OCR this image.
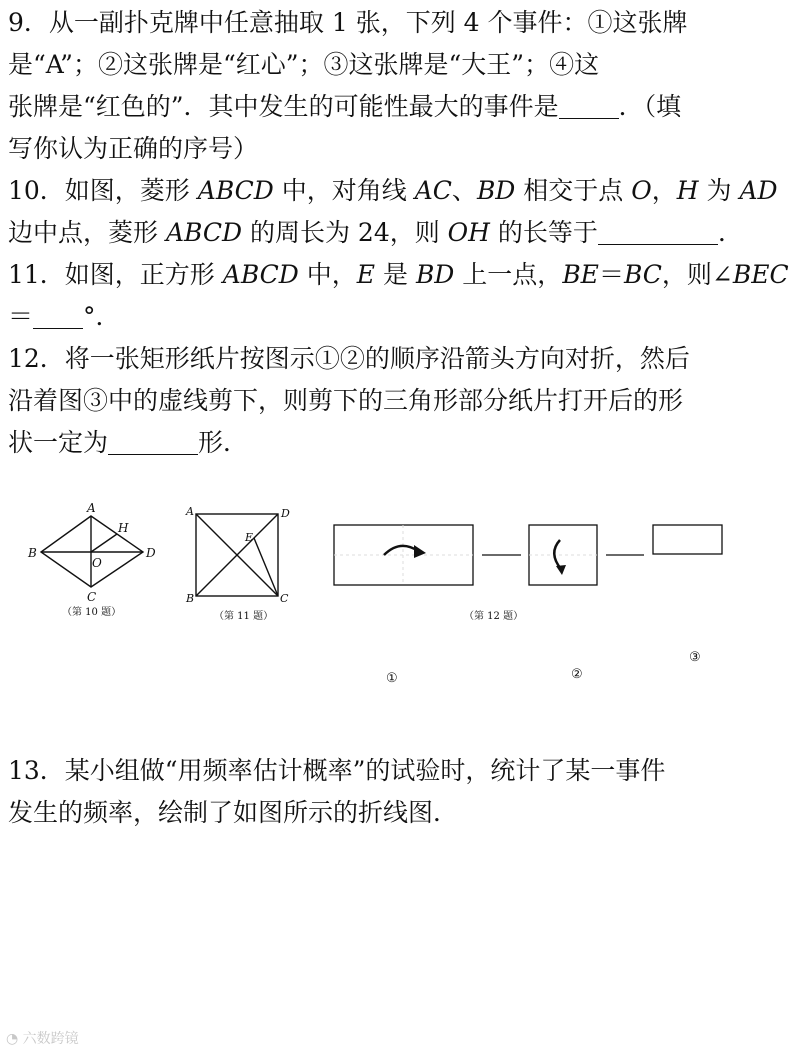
9．从一副扑克牌中任意抽取 1 张，下列 4 个事件：①这张牌

是“A”；②这张牌是“红心”；③这张牌是“大王”；④这

张牌是“红色的”．其中发生的可能性最大的事件是 ．（填

写你认为正确的序号）

10．如图，菱形 ABCD 中，对角线 AC、BD 相交于点 O，H 为 AD

边中点，菱形 ABCD 的周长为 24，则 OH 的长等于	．

11．如图，正方形 ABCD 中，E 是 BD 上一点，BE＝BC，则∠BEC

＝ °．

12．将一张矩形纸片按图示①②的顺序沿箭头方向对折，然后

沿着图③中的虚线剪下，则剪下的三角形部分纸片打开后的形

状一定为	形．

A
B
C
D
O
H
（第 10 题）
A
B	C
D
E
（第 11 题）	（第 12 题）
①	②
③

13．某小组做“用频率估计概率”的试验时，统计了某一事件

发生的频率，绘制了如图所示的折线图．

◔ 六数跨镜
